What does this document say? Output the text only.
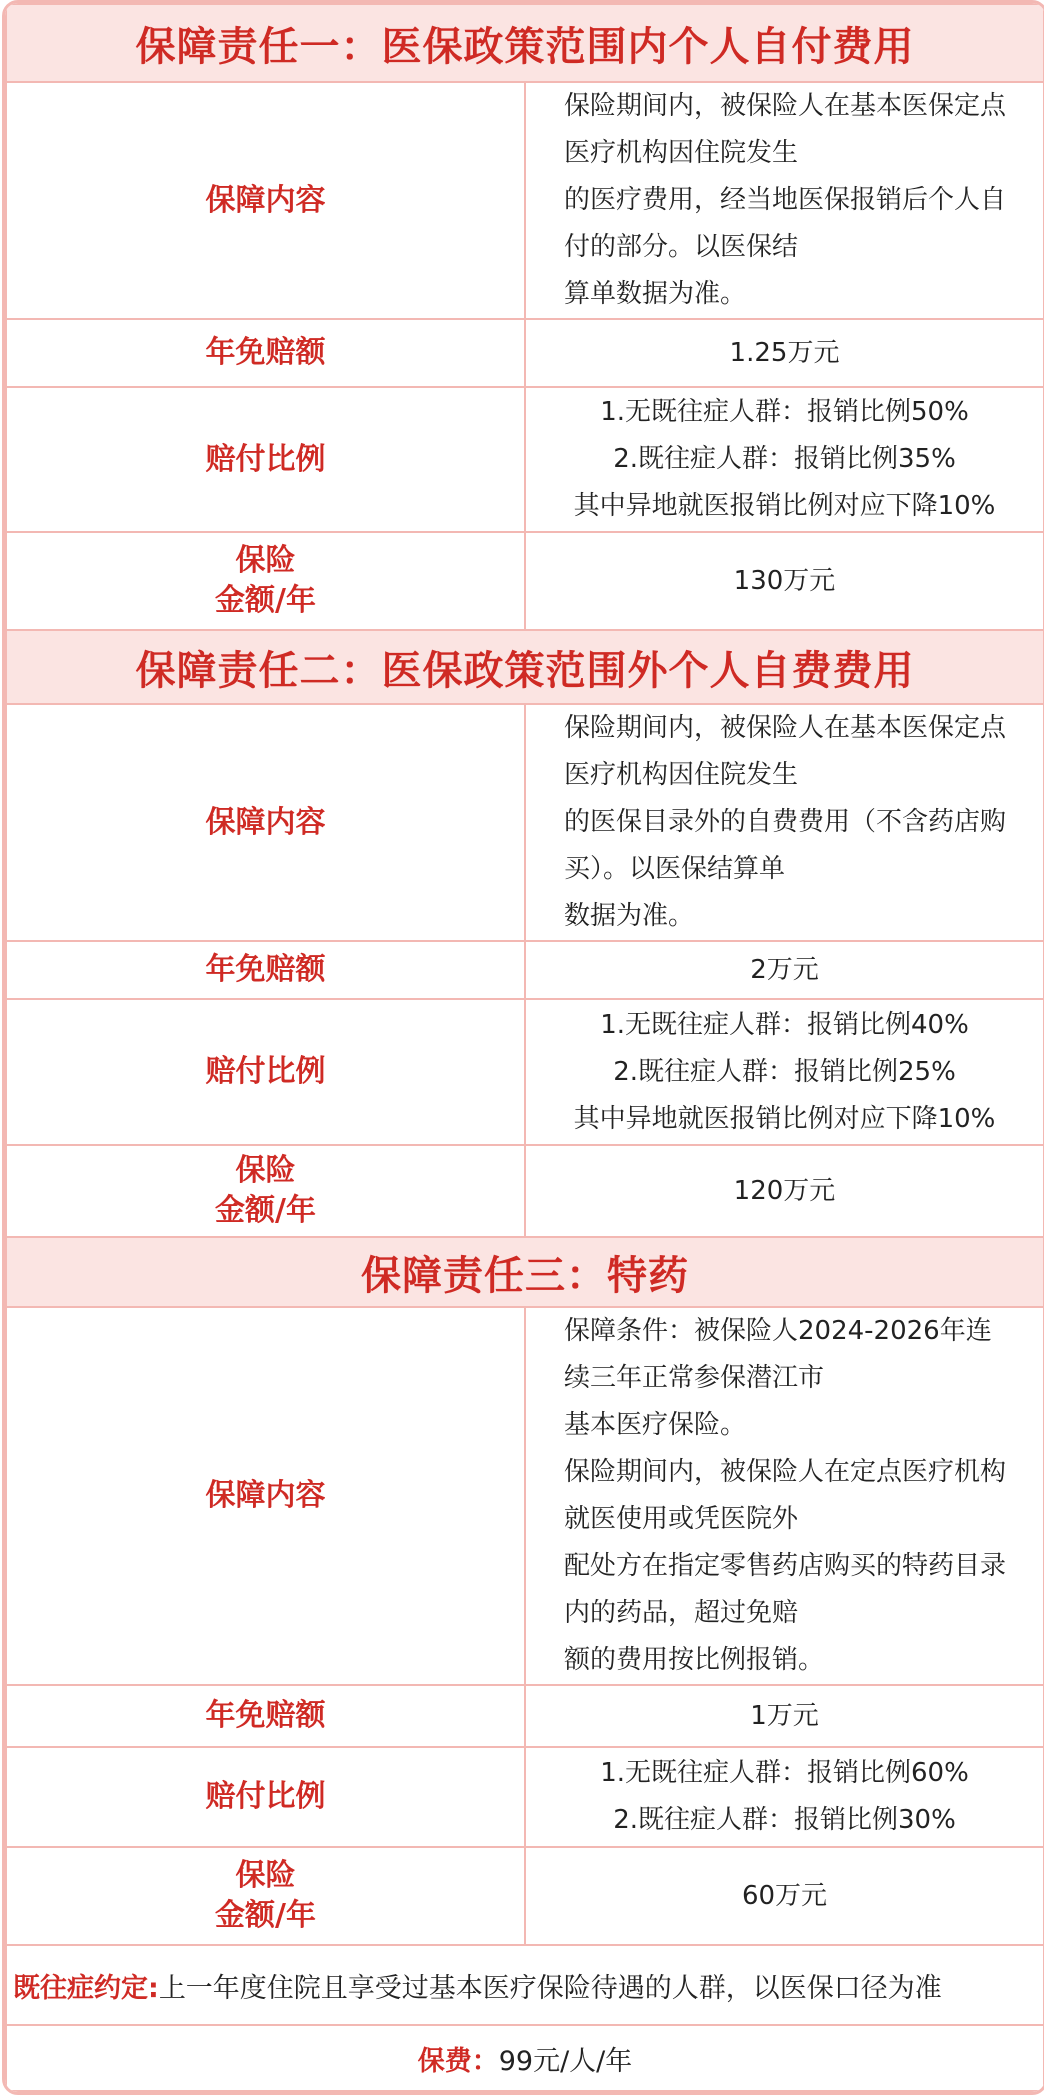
保障责任一：医保政策范围内个人自付费用	
保障内容	保险期间内，被保险人在基本医保定点医疗机构因住院发生
的医疗费用，经当地医保报销后个人自付的部分。以医保结
算单数据为准。

年免赔额	1.25万元
赔付比例	1.无既往症人群：报销比例50%
2.既往症人群：报销比例35%
其中异地就医报销比例对应下降10%

保险
金额/年	130万元
保障责任二：医保政策范围外个人自费费用	
保障内容	保险期间内，被保险人在基本医保定点医疗机构因住院发生
的医保目录外的自费费用（不含药店购买）。以医保结算单
数据为准。

年免赔额	2万元
赔付比例	1.无既往症人群：报销比例40%
2.既往症人群：报销比例25%
其中异地就医报销比例对应下降10%

保险
金额/年	120万元
保障责任三：特药	
保障内容	保障条件：被保险人2024-2026年连续三年正常参保潜江市
基本医疗保险。
保险期间内，被保险人在定点医疗机构就医使用或凭医院外
配处方在指定零售药店购买的特药目录内的药品，超过免赔
额的费用按比例报销。

年免赔额	1万元
赔付比例	1.无既往症人群：报销比例60%
2.既往症人群：报销比例30%

保险
金额/年	60万元
既往症约定:上一年度住院且享受过基本医疗保险待遇的人群，以医保口径为准	
保费：99元/人/年	
